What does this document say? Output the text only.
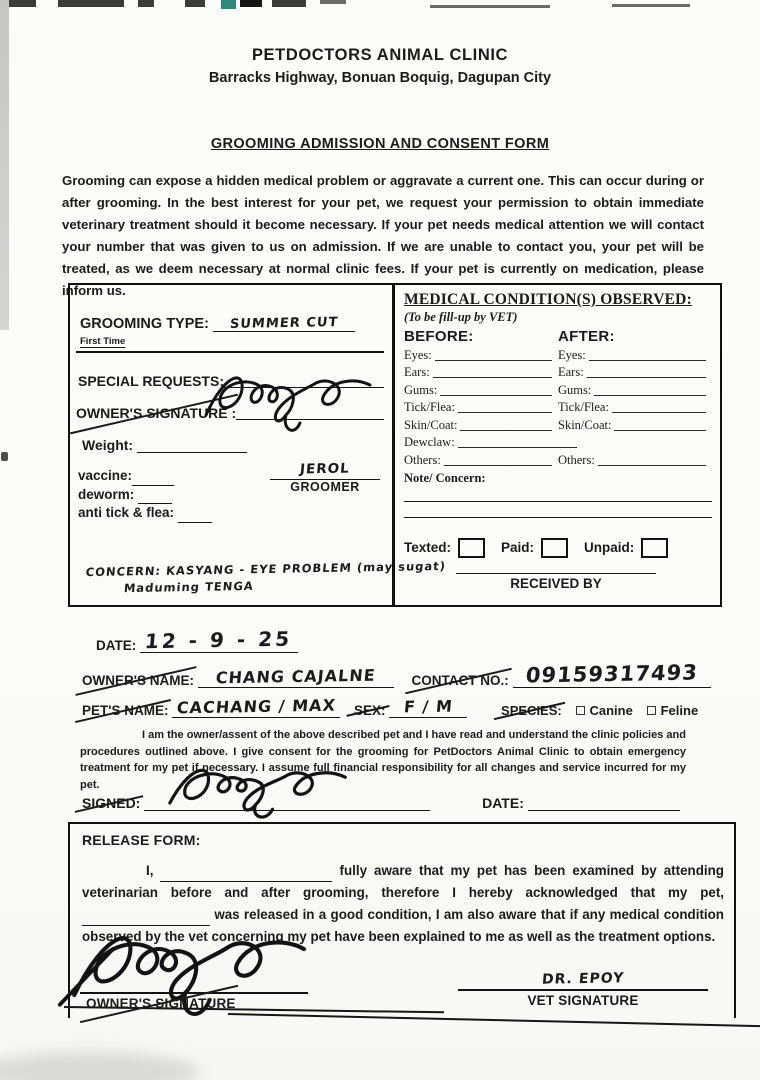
PETDOCTORS ANIMAL CLINIC
Barracks Highway, Bonuan Boquig, Dagupan City
GROOMING ADMISSION AND CONSENT FORM
Grooming can expose a hidden medical problem or aggravate a current one. This can occur during or after grooming. In the best interest for your pet, we request your permission to obtain immediate veterinary treatment should it become necessary. If your pet needs medical attention we will contact your number that was given to us on admission. If we are unable to contact you, your pet will be treated, as we deem necessary at normal clinic fees. If your pet is currently on medication, please inform us.
GROOMING TYPE: SUMMER CUT First Time
SPECIAL REQUESTS:
OWNER'S SIGNATURE :
Weight:
vaccine:
deworm:
anti tick & flea:
JEROL
GROOMER
CONCERN: KASYANG - EYE PROBLEM (may sugat)
Maduming TENGA
MEDICAL CONDITION(S) OBSERVED:
(To be fill-up by VET)
BEFORE:	AFTER:
Eyes:	Eyes:
Ears:	Ears:
Gums:	Gums:
Tick/Flea:	Tick/Flea:
Skin/Coat:	Skin/Coat:
Dewclaw:
Others:	Others:
Note/ Concern:
Texted:	Paid:	Unpaid:
RECEIVED BY
DATE: 12 - 9 - 25
OWNER'S NAME: CHANG CAJALNE	CONTACT NO.: 09159317493
PET'S NAME: CACHANG / MAX SEX: F / M	SPECIES: Canine Feline
I am the owner/assent of the above described pet and I have read and understand the clinic policies and procedures outlined above. I give consent for the grooming for PetDoctors Animal Clinic to obtain emergency treatment for my pet if necessary. I assume full financial responsibility for all changes and service incurred for my pet.
SIGNED:	DATE:
RELEASE FORM:
I,	fully aware that my pet has been examined by attending veterinarian before and after grooming, therefore I hereby acknowledged that my pet,  was released in a good condition, I am also aware that if any medical condition observed by the vet concerning my pet have been explained to me as well as the treatment options.
OWNER'S SIGNATURE
DR. EPOY
VET SIGNATURE
